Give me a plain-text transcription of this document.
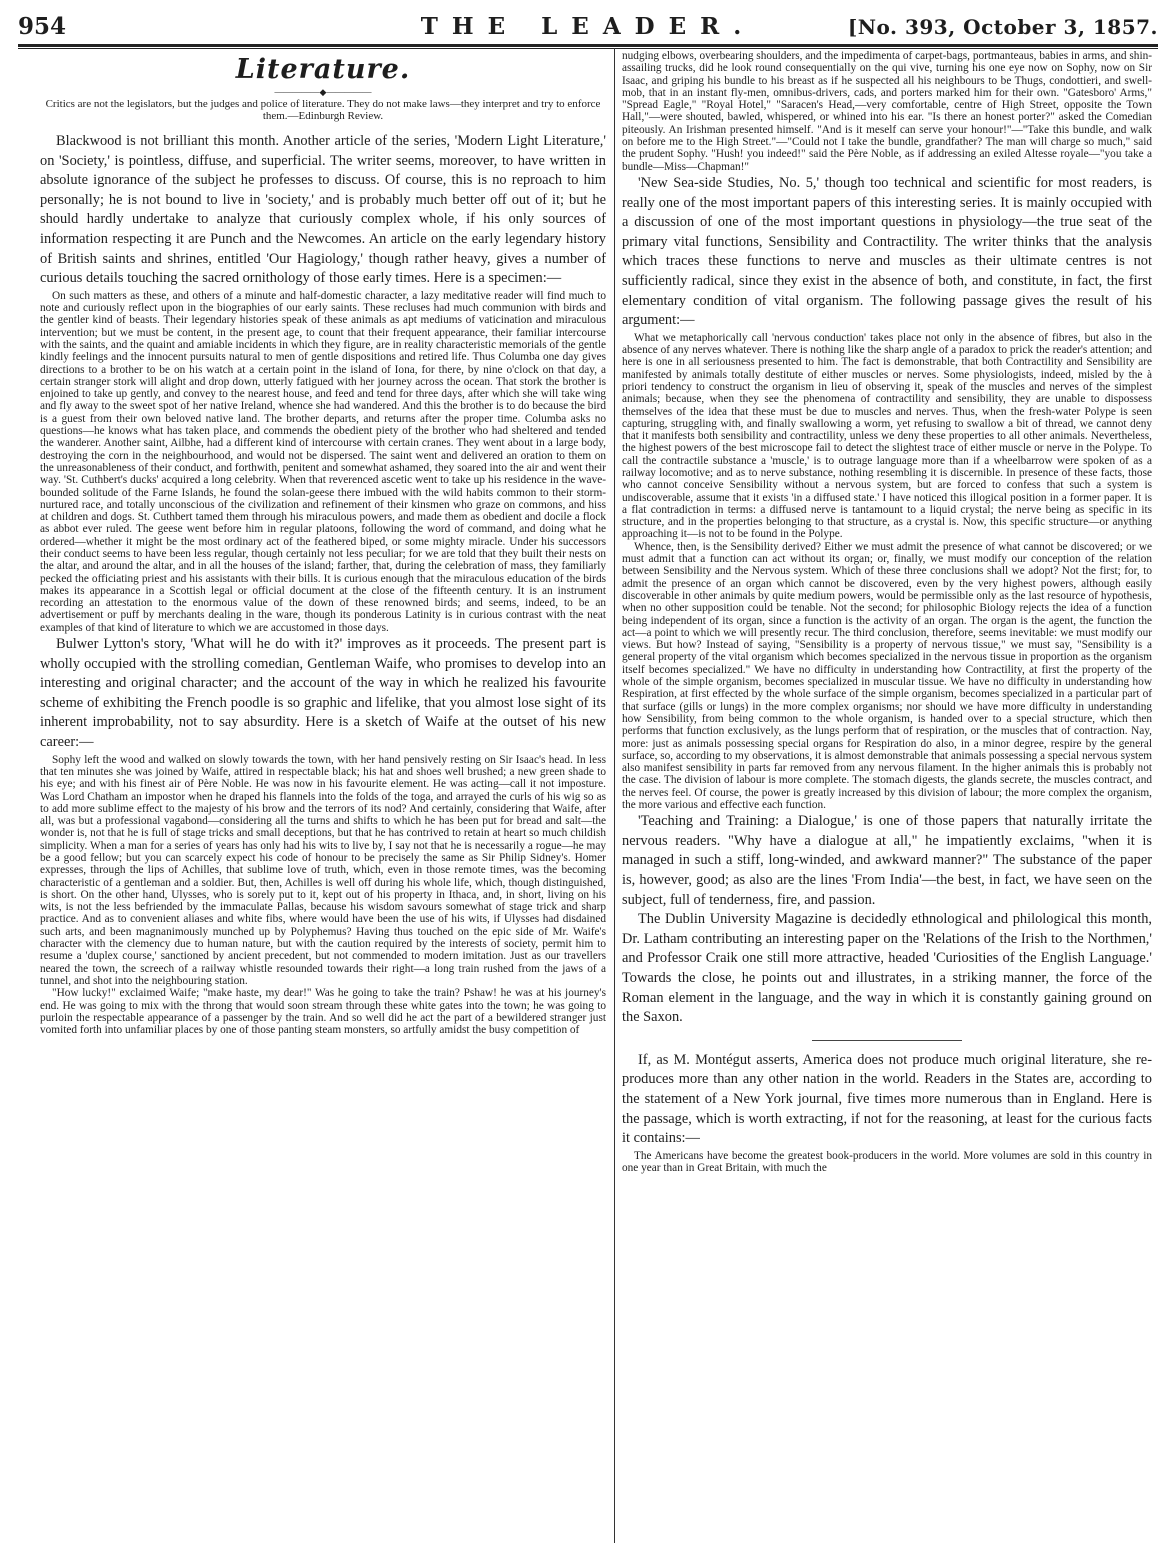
954	THE LEADER.	[No. 393, October 3, 1857.
Literature.
—————◆—————
Critics are not the legislators, but the judges and police of literature. They do not make laws—they interpret and try to enforce them.—Edinburgh Review.

Blackwood is not brilliant this month. Another article of the series, 'Modern Light Literature,' on 'Society,' is pointless, diffuse, and superficial. The writer seems, moreover, to have written in absolute ignorance of the subject he professes to discuss. Of course, this is no reproach to him personally; he is not bound to live in 'society,' and is probably much better off out of it; but he should hardly undertake to analyze that curiously complex whole, if his only sources of information respecting it are Punch and the Newcomes. An article on the early legendary history of British saints and shrines, entitled 'Our Hagiology,' though rather heavy, gives a number of curious details touching the sacred ornithology of those early times. Here is a specimen:—

On such matters as these, and others of a minute and half-domestic character, a lazy meditative reader will find much to note and curiously reflect upon in the biographies of our early saints. These recluses had much communion with birds and the gentler kind of beasts. Their legendary histories speak of these animals as apt mediums of vaticination and miraculous intervention; but we must be content, in the present age, to count that their frequent appearance, their familiar intercourse with the saints, and the quaint and amiable incidents in which they figure, are in reality characteristic memorials of the gentle kindly feelings and the innocent pursuits natural to men of gentle dispositions and retired life. Thus Columba one day gives directions to a brother to be on his watch at a certain point in the island of Iona, for there, by nine o'clock on that day, a certain stranger stork will alight and drop down, utterly fatigued with her journey across the ocean. That stork the brother is enjoined to take up gently, and convey to the nearest house, and feed and tend for three days, after which she will take wing and fly away to the sweet spot of her native Ireland, whence she had wandered. And this the brother is to do because the bird is a guest from their own beloved native land. The brother departs, and returns after the proper time. Columba asks no questions—he knows what has taken place, and commends the obedient piety of the brother who had sheltered and tended the wanderer. Another saint, Ailbhe, had a different kind of intercourse with certain cranes. They went about in a large body, destroying the corn in the neighbourhood, and would not be dispersed. The saint went and delivered an oration to them on the unreasonableness of their conduct, and forthwith, penitent and somewhat ashamed, they soared into the air and went their way. 'St. Cuthbert's ducks' acquired a long celebrity. When that reverenced ascetic went to take up his residence in the wave-bounded solitude of the Farne Islands, he found the solan-geese there imbued with the wild habits common to their storm-nurtured race, and totally unconscious of the civilization and refinement of their kinsmen who graze on commons, and hiss at children and dogs. St. Cuthbert tamed them through his miraculous powers, and made them as obedient and docile a flock as abbot ever ruled. The geese went before him in regular platoons, following the word of command, and doing what he ordered—whether it might be the most ordinary act of the feathered biped, or some mighty miracle. Under his successors their conduct seems to have been less regular, though certainly not less peculiar; for we are told that they built their nests on the altar, and around the altar, and in all the houses of the island; farther, that, during the celebration of mass, they familiarly pecked the officiating priest and his assistants with their bills. It is curious enough that the miraculous education of the birds makes its appearance in a Scottish legal or official document at the close of the fifteenth century. It is an instrument recording an attestation to the enormous value of the down of these renowned birds; and seems, indeed, to be an advertisement or puff by merchants dealing in the ware, though its ponderous Latinity is in curious contrast with the neat examples of that kind of literature to which we are accustomed in those days.

Bulwer Lytton's story, 'What will he do with it?' improves as it proceeds. The present part is wholly occupied with the strolling comedian, Gentleman Waife, who promises to develop into an interesting and original character; and the account of the way in which he realized his favourite scheme of exhibiting the French poodle is so graphic and lifelike, that you almost lose sight of its inherent improbability, not to say absurdity. Here is a sketch of Waife at the outset of his new career:—

Sophy left the wood and walked on slowly towards the town, with her hand pensively resting on Sir Isaac's head. In less that ten minutes she was joined by Waife, attired in respectable black; his hat and shoes well brushed; a new green shade to his eye; and with his finest air of Père Noble. He was now in his favourite element. He was acting—call it not imposture. Was Lord Chatham an impostor when he draped his flannels into the folds of the toga, and arrayed the curls of his wig so as to add more sublime effect to the majesty of his brow and the terrors of its nod? And certainly, considering that Waife, after all, was but a professional vagabond—considering all the turns and shifts to which he has been put for bread and salt—the wonder is, not that he is full of stage tricks and small deceptions, but that he has contrived to retain at heart so much childish simplicity. When a man for a series of years has only had his wits to live by, I say not that he is necessarily a rogue—he may be a good fellow; but you can scarcely expect his code of honour to be precisely the same as Sir Philip Sidney's. Homer expresses, through the lips of Achilles, that sublime love of truth, which, even in those remote times, was the becoming characteristic of a gentleman and a soldier. But, then, Achilles is well off during his whole life, which, though distinguished, is short. On the other hand, Ulysses, who is sorely put to it, kept out of his property in Ithaca, and, in short, living on his wits, is not the less befriended by the immaculate Pallas, because his wisdom savours somewhat of stage trick and sharp practice. And as to convenient aliases and white fibs, where would have been the use of his wits, if Ulysses had disdained such arts, and been magnanimously munched up by Polyphemus? Having thus touched on the epic side of Mr. Waife's character with the clemency due to human nature, but with the caution required by the interests of society, permit him to resume a 'duplex course,' sanctioned by ancient precedent, but not commended to modern imitation. Just as our travellers neared the town, the screech of a railway whistle resounded towards their right—a long train rushed from the jaws of a tunnel, and shot into the neighbouring station.

"How lucky!" exclaimed Waife; "make haste, my dear!" Was he going to take the train? Pshaw! he was at his journey's end. He was going to mix with the throng that would soon stream through these white gates into the town; he was going to purloin the respectable appearance of a passenger by the train. And so well did he act the part of a bewildered stranger just vomited forth into unfamiliar places by one of those panting steam monsters, so artfully amidst the busy competition of

nudging elbows, overbearing shoulders, and the impedimenta of carpet-bags, portmanteaus, babies in arms, and shin-assailing trucks, did he look round consequentially on the qui vive, turning his one eye now on Sophy, now on Sir Isaac, and griping his bundle to his breast as if he suspected all his neighbours to be Thugs, condottieri, and swell-mob, that in an instant fly-men, omnibus-drivers, cads, and porters marked him for their own. "Gatesboro' Arms," "Spread Eagle," "Royal Hotel," "Saracen's Head,—very comfortable, centre of High Street, opposite the Town Hall,"—were shouted, bawled, whispered, or whined into his ear. "Is there an honest porter?" asked the Comedian piteously. An Irishman presented himself. "And is it meself can serve your honour!"—"Take this bundle, and walk on before me to the High Street."—"Could not I take the bundle, grandfather? The man will charge so much," said the prudent Sophy. "Hush! you indeed!" said the Père Noble, as if addressing an exiled Altesse royale—"you take a bundle—Miss—Chapman!"

'New Sea-side Studies, No. 5,' though too technical and scientific for most readers, is really one of the most important papers of this interesting series. It is mainly occupied with a discussion of one of the most important questions in physiology—the true seat of the primary vital functions, Sensibility and Contractility. The writer thinks that the analysis which traces these functions to nerve and muscles as their ultimate centres is not sufficiently radical, since they exist in the absence of both, and constitute, in fact, the first elementary condition of vital organism. The following passage gives the result of his argument:—

What we metaphorically call 'nervous conduction' takes place not only in the absence of fibres, but also in the absence of any nerves whatever. There is nothing like the sharp angle of a paradox to prick the reader's attention; and here is one in all seriousness presented to him. The fact is demonstrable, that both Contractility and Sensibility are manifested by animals totally destitute of either muscles or nerves. Some physiologists, indeed, misled by the à priori tendency to construct the organism in lieu of observing it, speak of the muscles and nerves of the simplest animals; because, when they see the phenomena of contractility and sensibility, they are unable to dispossess themselves of the idea that these must be due to muscles and nerves. Thus, when the fresh-water Polype is seen capturing, struggling with, and finally swallowing a worm, yet refusing to swallow a bit of thread, we cannot deny that it manifests both sensibility and contractility, unless we deny these properties to all other animals. Nevertheless, the highest powers of the best microscope fail to detect the slightest trace of either muscle or nerve in the Polype. To call the contractile substance a 'muscle,' is to outrage language more than if a wheelbarrow were spoken of as a railway locomotive; and as to nerve substance, nothing resembling it is discernible. In presence of these facts, those who cannot conceive Sensibility without a nervous system, but are forced to confess that such a system is undiscoverable, assume that it exists 'in a diffused state.' I have noticed this illogical position in a former paper. It is a flat contradiction in terms: a diffused nerve is tantamount to a liquid crystal; the nerve being as specific in its structure, and in the properties belonging to that structure, as a crystal is. Now, this specific structure—or anything approaching it—is not to be found in the Polype.

Whence, then, is the Sensibility derived? Either we must admit the presence of what cannot be discovered; or we must admit that a function can act without its organ; or, finally, we must modify our conception of the relation between Sensibility and the Nervous system. Which of these three conclusions shall we adopt? Not the first; for, to admit the presence of an organ which cannot be discovered, even by the very highest powers, although easily discoverable in other animals by quite medium powers, would be permissible only as the last resource of hypothesis, when no other supposition could be tenable. Not the second; for philosophic Biology rejects the idea of a function being independent of its organ, since a function is the activity of an organ. The organ is the agent, the function the act—a point to which we will presently recur. The third conclusion, therefore, seems inevitable: we must modify our views. But how? Instead of saying, "Sensibility is a property of nervous tissue," we must say, "Sensibility is a general property of the vital organism which becomes specialized in the nervous tissue in proportion as the organism itself becomes specialized." We have no difficulty in understanding how Contractility, at first the property of the whole of the simple organism, becomes specialized in muscular tissue. We have no difficulty in understanding how Respiration, at first effected by the whole surface of the simple organism, becomes specialized in a particular part of that surface (gills or lungs) in the more complex organisms; nor should we have more difficulty in understanding how Sensibility, from being common to the whole organism, is handed over to a special structure, which then performs that function exclusively, as the lungs perform that of respiration, or the muscles that of contraction. Nay, more: just as animals possessing special organs for Respiration do also, in a minor degree, respire by the general surface, so, according to my observations, it is almost demonstrable that animals possessing a special nervous system also manifest sensibility in parts far removed from any nervous filament. In the higher animals this is probably not the case. The division of labour is more complete. The stomach digests, the glands secrete, the muscles contract, and the nerves feel. Of course, the power is greatly increased by this division of labour; the more complex the organism, the more various and effective each function.

'Teaching and Training: a Dialogue,' is one of those papers that naturally irritate the nervous readers. "Why have a dialogue at all," he impatiently exclaims, "when it is managed in such a stiff, long-winded, and awkward manner?" The substance of the paper is, however, good; as also are the lines 'From India'—the best, in fact, we have seen on the subject, full of tenderness, fire, and passion.

The Dublin University Magazine is decidedly ethnological and philological this month, Dr. Latham contributing an interesting paper on the 'Relations of the Irish to the Northmen,' and Professor Craik one still more attractive, headed 'Curiosities of the English Language.' Towards the close, he points out and illustrates, in a striking manner, the force of the Roman element in the language, and the way in which it is constantly gaining ground on the Saxon.

If, as M. Montégut asserts, America does not produce much original literature, she re-produces more than any other nation in the world. Readers in the States are, according to the statement of a New York journal, five times more numerous than in England. Here is the passage, which is worth extracting, if not for the reasoning, at least for the curious facts it contains:—

The Americans have become the greatest book-producers in the world. More volumes are sold in this country in one year than in Great Britain, with much the
